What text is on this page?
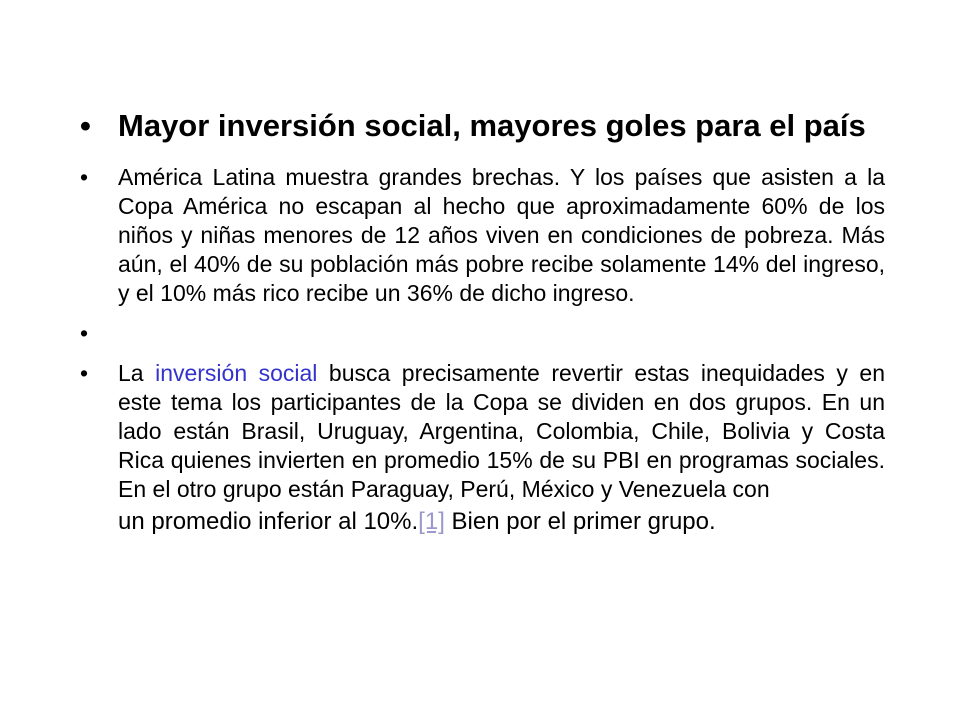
• Mayor inversión social, mayores goles para el país
•	América Latina muestra grandes brechas. Y los países que asisten a la Copa América no escapan al hecho que aproximadamente 60% de los niños y niñas menores de 12 años viven en condiciones de pobreza. Más aún, el 40% de su población más pobre recibe solamente 14% del ingreso, y el 10% más rico recibe un 36% de dicho ingreso.
•
•	La inversión social busca precisamente revertir estas inequidades y en este tema los participantes de la Copa se dividen en dos grupos. En un lado están Brasil, Uruguay, Argentina, Colombia, Chile, Bolivia y Costa Rica quienes invierten en promedio 15% de su PBI en programas sociales. En el otro grupo están Paraguay, Perú, México y Venezuela con
un promedio inferior al 10%.[1] Bien por el primer grupo.
